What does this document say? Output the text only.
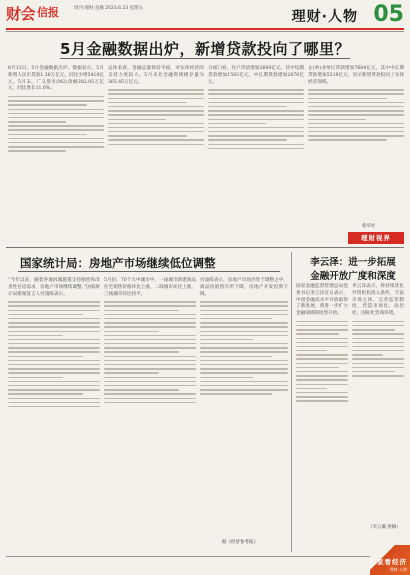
财会 信报	周刊·理财·直播 2023.6.23 星期五
理财·人物 05
5月金融数据出炉，新增贷款投向了哪里？
6月13日，5月金融数据出炉。数据显示，5月新增人民币贷款1.36万亿元，同比少增5418亿元。5月末，广义货币(M2)余额282.05万亿元，同比增长11.6%。
总体来看，金融总量保持平稳，对实体经济的支持力度较大。5月末社会融资规模存量为365.45万亿元。
分部门看，住户贷款增加3669亿元，其中短期贷款增加1593亿元，中长期贷款增加2076亿元。
企(事)业单位贷款增加7684亿元，其中中长期贷款增加5318亿元，显示新增贷款投向了实体经济领域。
新华社
理财视界
国家统计局：房地产市场继续低位调整
“今年以来，随着各地因城施策支持刚性和改善性住房需求，房地产市场继续调整。”国家统计局新闻发言人付凌晖表示。
5月份，70个大中城市中，一线城市新建商品住宅销售价格环比上涨，二线城市环比上涨，三线城市环比持平。
付凌晖表示，房地产市场仍处于调整之中，商品房销售有所下降，房地产开发投资下降。
据《经济参考报》
李云泽：进一步拓展
金融开放广度和深度
国家金融监督管理总局党委书记李云泽近日表示，中国金融高水平开放取得了新进展，将进一步扩大金融领域制度型开放。
李云泽表示，将持续优化外资机构准入条件，丰富市场主体，完善监管制度，营造市场化、法治化、国际化营商环境。
（李云翼 供稿）
行家看经济
理财·人物
